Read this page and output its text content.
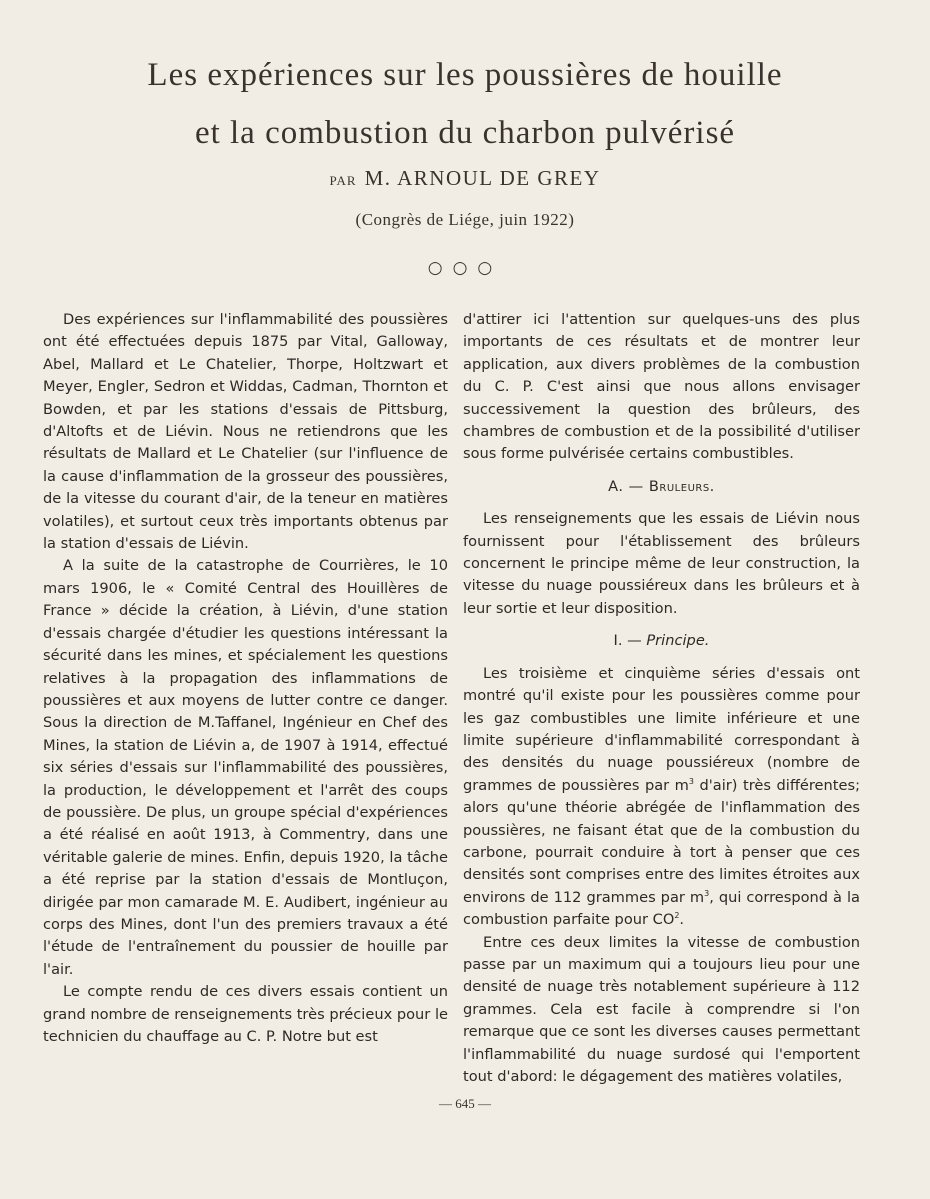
Les expériences sur les poussières de houille
et la combustion du charbon pulvérisé
PAR M. ARNOUL DE GREY
(Congrès de Liége, juin 1922)
○○○

Des expériences sur l'inflammabilité des poussières ont été effectuées depuis 1875 par Vital, Galloway, Abel, Mallard et Le Chatelier, Thorpe, Holtzwart et Meyer, Engler, Sedron et Widdas, Cadman, Thornton et Bowden, et par les stations d'essais de Pittsburg, d'Altofts et de Liévin. Nous ne retiendrons que les résultats de Mallard et Le Chatelier (sur l'influence de la cause d'inflammation de la grosseur des poussières, de la vitesse du courant d'air, de la teneur en matières volatiles), et surtout ceux très importants obtenus par la station d'essais de Liévin.

A la suite de la catastrophe de Courrières, le 10 mars 1906, le « Comité Central des Houillères de France » décide la création, à Liévin, d'une station d'essais chargée d'étudier les questions intéressant la sécurité dans les mines, et spécialement les questions relatives à la propagation des inflammations de poussières et aux moyens de lutter contre ce danger. Sous la direction de M.Taffanel, Ingénieur en Chef des Mines, la station de Liévin a, de 1907 à 1914, effectué six séries d'essais sur l'inflammabilité des poussières, la production, le développement et l'arrêt des coups de poussière. De plus, un groupe spécial d'expériences a été réalisé en août 1913, à Commentry, dans une véritable galerie de mines. Enfin, depuis 1920, la tâche a été reprise par la station d'essais de Montluçon, dirigée par mon camarade M. E. Audibert, ingénieur au corps des Mines, dont l'un des premiers travaux a été l'étude de l'entraînement du poussier de houille par l'air.

Le compte rendu de ces divers essais contient un grand nombre de renseignements très précieux pour le technicien du chauffage au C. P. Notre but est

d'attirer ici l'attention sur quelques-uns des plus importants de ces résultats et de montrer leur application, aux divers problèmes de la combustion du C. P. C'est ainsi que nous allons envisager successivement la question des brûleurs, des chambres de combustion et de la possibilité d'utiliser sous forme pulvérisée certains combustibles.

A. — Bruleurs.

Les renseignements que les essais de Liévin nous fournissent pour l'établissement des brûleurs concernent le principe même de leur construction, la vitesse du nuage poussiéreux dans les brûleurs et à leur sortie et leur disposition.

I. — Principe.

Les troisième et cinquième séries d'essais ont montré qu'il existe pour les poussières comme pour les gaz combustibles une limite inférieure et une limite supérieure d'inflammabilité correspondant à des densités du nuage poussiéreux (nombre de grammes de poussières par $m^3$ d'air) très différentes; alors qu'une théorie abrégée de l'inflammation des poussières, ne faisant état que de la combustion du carbone, pourrait conduire à tort à penser que ces densités sont comprises entre des limites étroites aux environs de 112 grammes par $m^3$, qui correspond à la combustion parfaite pour $CO^2$.

Entre ces deux limites la vitesse de combustion passe par un maximum qui a toujours lieu pour une densité de nuage très notablement supérieure à 112 grammes. Cela est facile à comprendre si l'on remarque que ce sont les diverses causes permettant l'inflammabilité du nuage surdosé qui l'emportent tout d'abord: le dégagement des matières volatiles,

— 645 —
